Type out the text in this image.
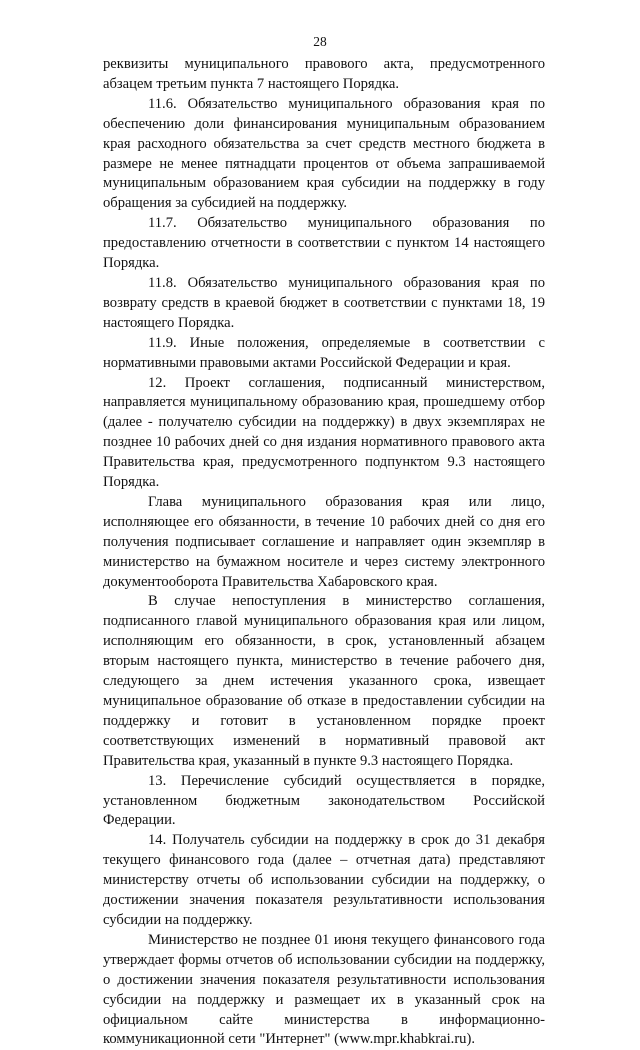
28

реквизиты муниципального правового акта, предусмотренного абзацем третьим пункта 7 настоящего Порядка.

11.6. Обязательство муниципального образования края по обеспечению доли финансирования муниципальным образованием края расходного обязательства за счет средств местного бюджета в размере не менее пятнадцати процентов от объема запрашиваемой муниципальным образованием края субсидии на поддержку в году обращения за субсидией на поддержку.

11.7. Обязательство муниципального образования по предоставлению отчетности в соответствии с пунктом 14 настоящего Порядка.

11.8. Обязательство муниципального образования края по возврату средств в краевой бюджет в соответствии с пунктами 18, 19 настоящего Порядка.

11.9. Иные положения, определяемые в соответствии с нормативными правовыми актами Российской Федерации и края.

12. Проект соглашения, подписанный министерством, направляется муниципальному образованию края, прошедшему отбор (далее - получателю субсидии на поддержку) в двух экземплярах не позднее 10 рабочих дней со дня издания нормативного правового акта Правительства края, предусмотренного подпунктом 9.3 настоящего Порядка.

Глава муниципального образования края или лицо, исполняющее его обязанности, в течение 10 рабочих дней со дня его получения подписывает соглашение и направляет один экземпляр в министерство на бумажном носителе и через систему электронного документооборота Правительства Хабаровского края.

В случае непоступления в министерство соглашения, подписанного главой муниципального образования края или лицом, исполняющим его обязанности, в срок, установленный абзацем вторым настоящего пункта, министерство в течение рабочего дня, следующего за днем истечения указанного срока, извещает муниципальное образование об отказе в предоставлении субсидии на поддержку и готовит в установленном порядке проект соответствующих изменений в нормативный правовой акт Правительства края, указанный в пункте 9.3 настоящего Порядка.

13. Перечисление субсидий осуществляется в порядке, установленном бюджетным законодательством Российской Федерации.

14. Получатель субсидии на поддержку в срок до 31 декабря текущего финансового года (далее – отчетная дата) представляют министерству отчеты об использовании субсидии на поддержку, о достижении значения показателя результативности использования субсидии на поддержку.

Министерство не позднее 01 июня текущего финансового года утверждает формы отчетов об использовании субсидии на поддержку, о достижении значения показателя результативности использования субсидии на поддержку и размещает их в указанный срок на официальном сайте министерства в информационно-коммуникационной сети "Интернет" (www.mpr.khabkrai.ru).
